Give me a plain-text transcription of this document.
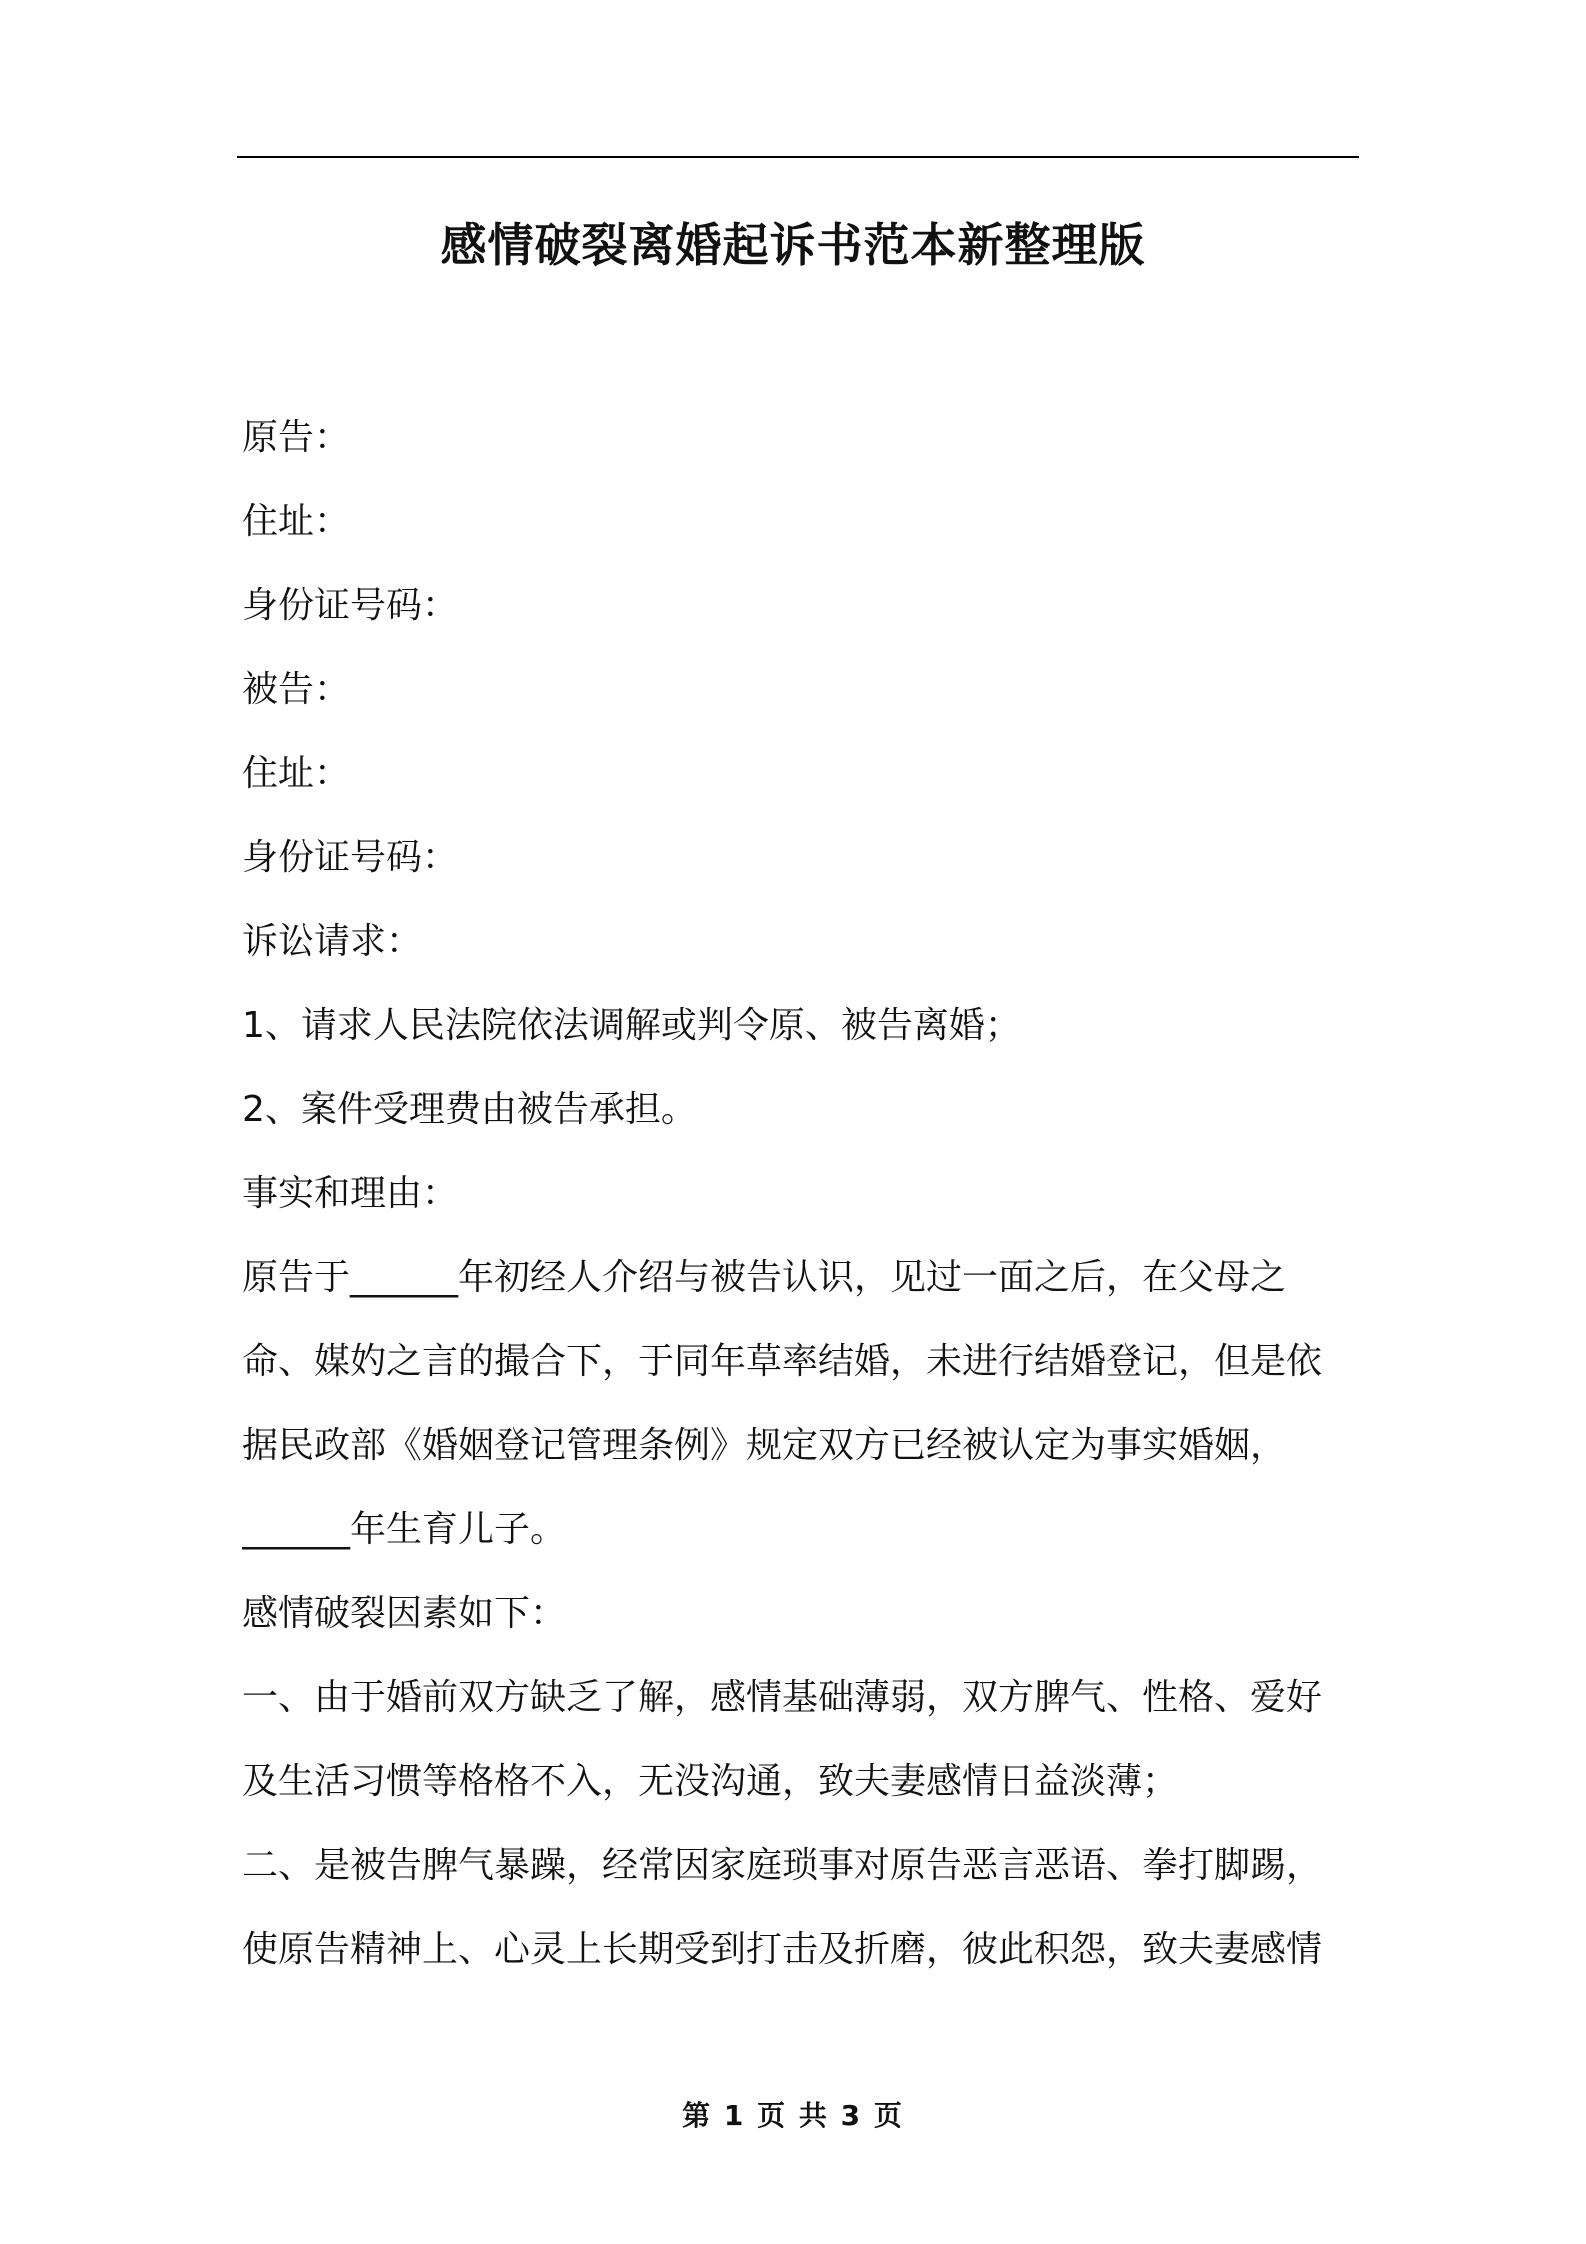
感情破裂离婚起诉书范本新整理版
原告：
住址：
身份证号码：
被告：
住址：
身份证号码：
诉讼请求：
1、请求人民法院依法调解或判令原、被告离婚；
2、案件受理费由被告承担。
事实和理由：
原告于______年初经人介绍与被告认识，见过一面之后，在父母之
命、媒妁之言的撮合下，于同年草率结婚，未进行结婚登记，但是依
据民政部《婚姻登记管理条例》规定双方已经被认定为事实婚姻，
______年生育儿子。
感情破裂因素如下：
一、由于婚前双方缺乏了解，感情基础薄弱，双方脾气、性格、爱好
及生活习惯等格格不入，无没沟通，致夫妻感情日益淡薄；
二、是被告脾气暴躁，经常因家庭琐事对原告恶言恶语、拳打脚踢，
使原告精神上、心灵上长期受到打击及折磨，彼此积怨，致夫妻感情
第 1 页 共 3 页
